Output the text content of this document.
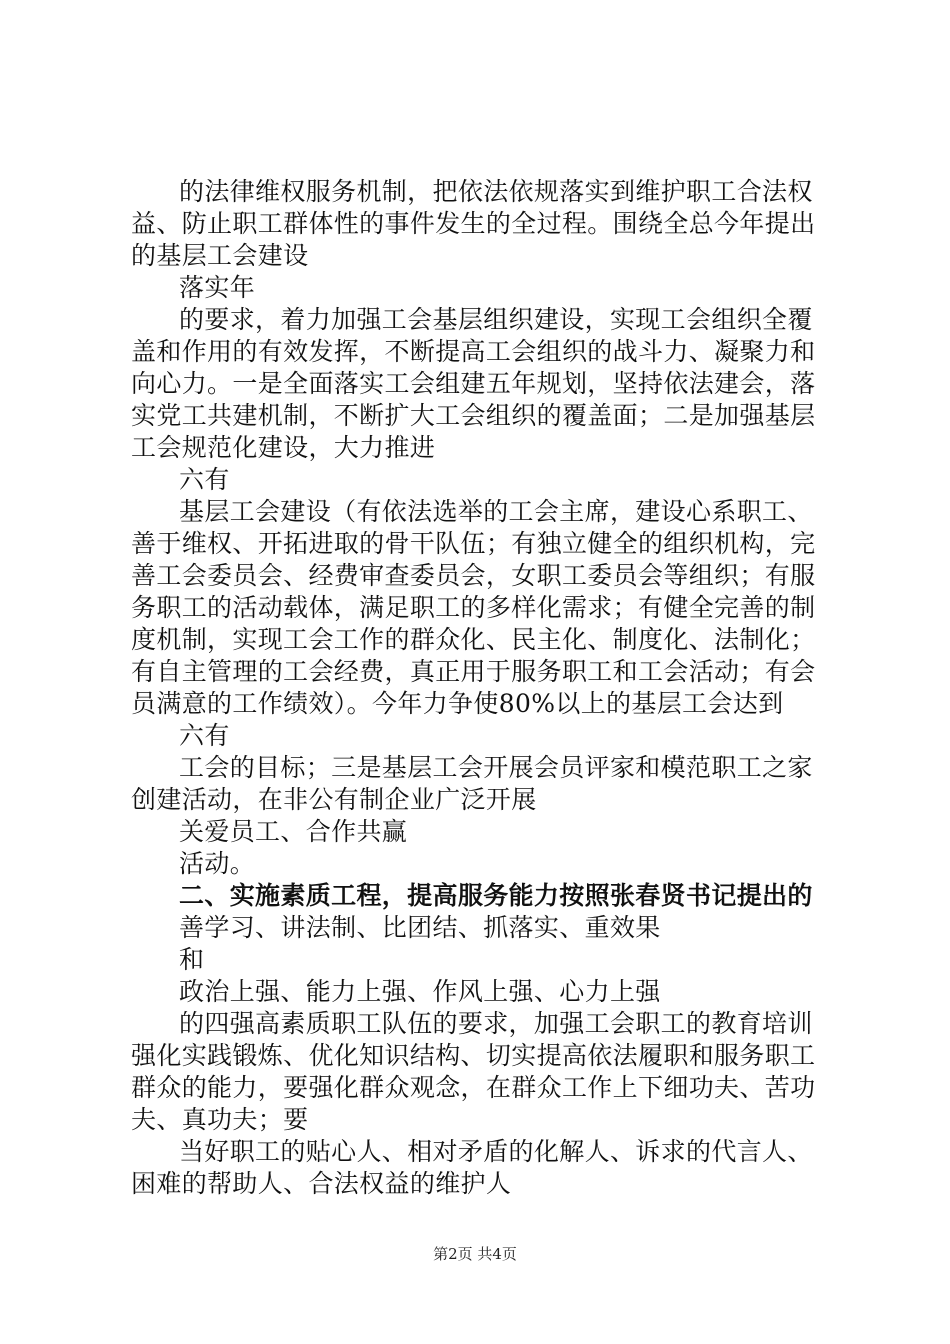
的法律维权服务机制，把依法依规落实到维护职工合法权
益、防止职工群体性的事件发生的全过程。围绕全总今年提出
的基层工会建设
落实年
的要求，着力加强工会基层组织建设，实现工会组织全覆
盖和作用的有效发挥，不断提高工会组织的战斗力、凝聚力和
向心力。一是全面落实工会组建五年规划，坚持依法建会，落
实党工共建机制，不断扩大工会组织的覆盖面；二是加强基层
工会规范化建设，大力推进
六有
基层工会建设（有依法选举的工会主席，建设心系职工、
善于维权、开拓进取的骨干队伍；有独立健全的组织机构，完
善工会委员会、经费审查委员会，女职工委员会等组织；有服
务职工的活动载体，满足职工的多样化需求；有健全完善的制
度机制，实现工会工作的群众化、民主化、制度化、法制化；
有自主管理的工会经费，真正用于服务职工和工会活动；有会
员满意的工作绩效）。今年力争使80%以上的基层工会达到
六有
工会的目标；三是基层工会开展会员评家和模范职工之家
创建活动，在非公有制企业广泛开展
关爱员工、合作共赢
活动。
二、实施素质工程，提高服务能力按照张春贤书记提出的
善学习、讲法制、比团结、抓落实、重效果
和
政治上强、能力上强、作风上强、心力上强
的四强高素质职工队伍的要求，加强工会职工的教育培训
强化实践锻炼、优化知识结构、切实提高依法履职和服务职工
群众的能力，要强化群众观念，在群众工作上下细功夫、苦功
夫、真功夫；要
当好职工的贴心人、相对矛盾的化解人、诉求的代言人、
困难的帮助人、合法权益的维护人
第2页 共4页
